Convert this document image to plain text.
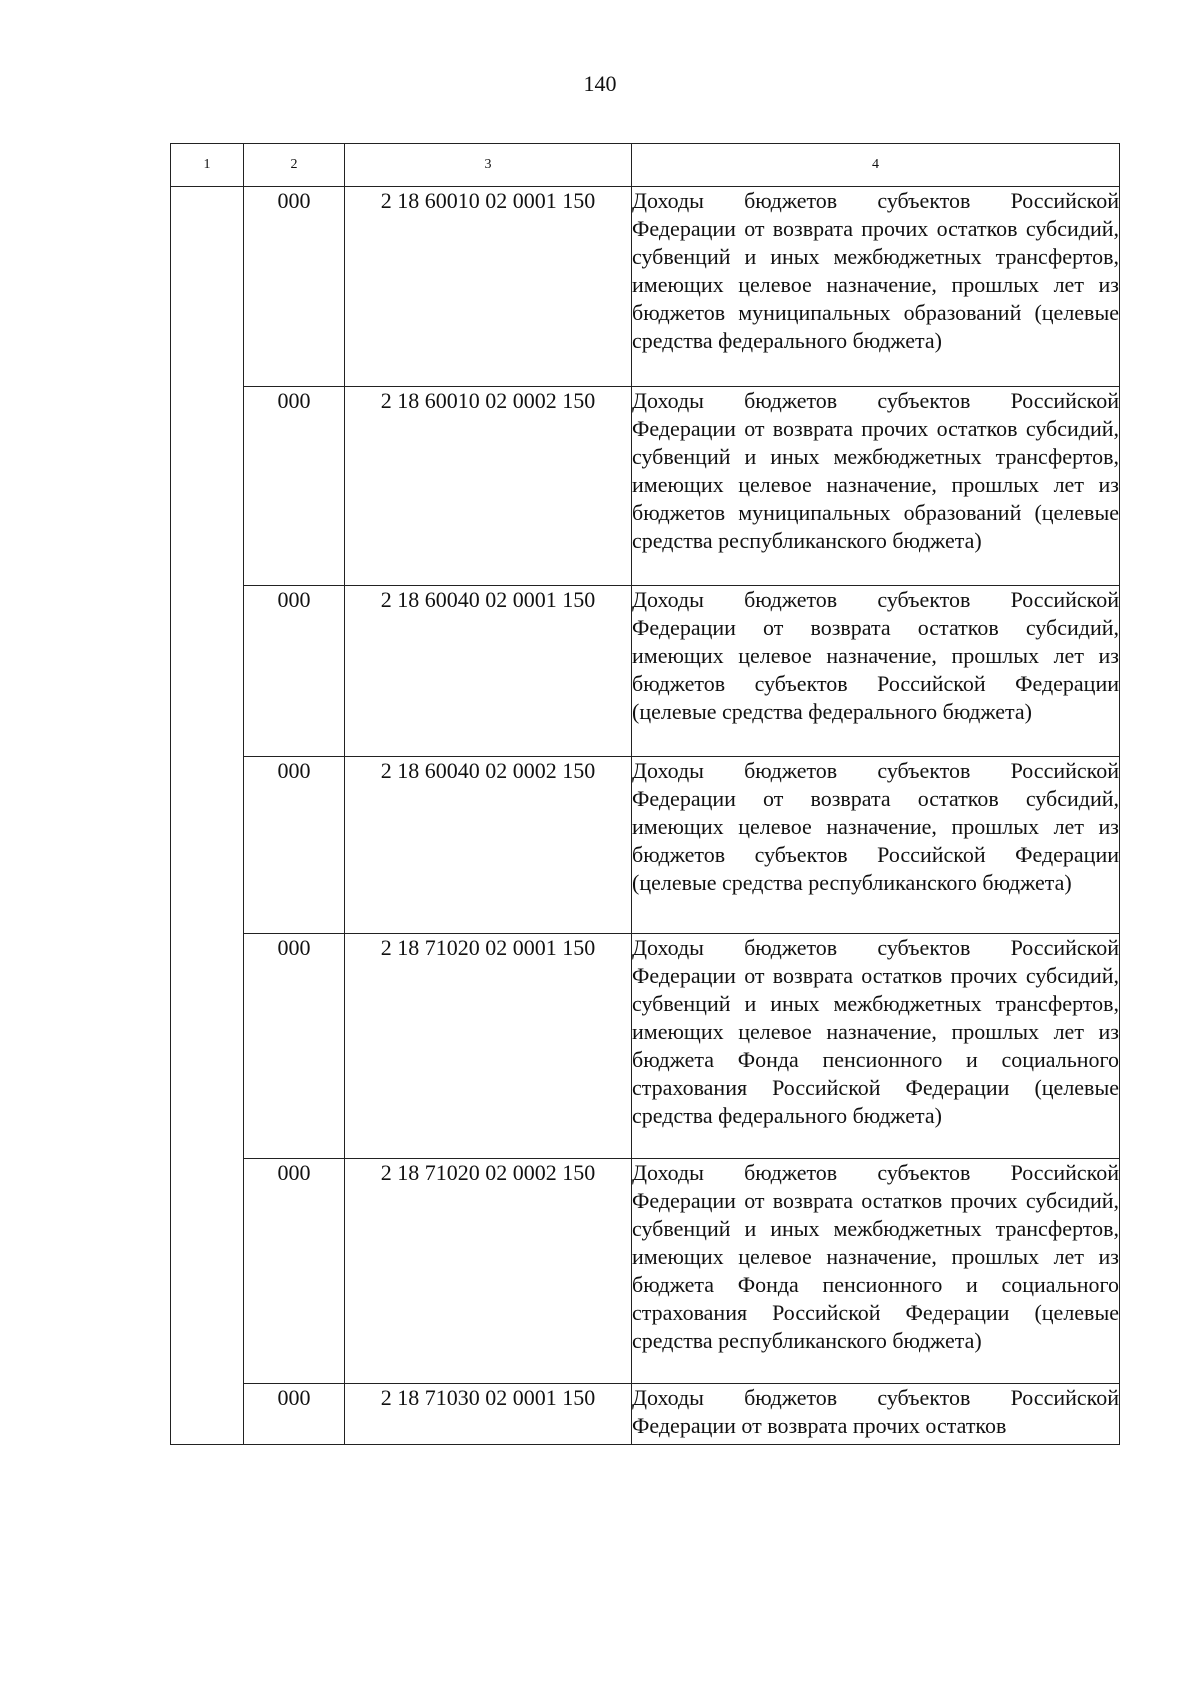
140
1	2	3	4
	000	2 18 60010 02 0001 150	Доходы бюджетов субъектов Российской Федерации от возврата прочих остатков субсидий, субвенций и иных межбюджетных трансфертов, имеющих целевое назначение, прошлых лет из бюджетов муниципальных образований (целевые средства федерального бюджета)
	000	2 18 60010 02 0002 150	Доходы бюджетов субъектов Российской Федерации от возврата прочих остатков субсидий, субвенций и иных межбюджетных трансфертов, имеющих целевое назначение, прошлых лет из бюджетов муниципальных образований (целевые средства республиканского бюджета)
	000	2 18 60040 02 0001 150	Доходы бюджетов субъектов Российской Федерации от возврата остатков субсидий, имеющих целевое назначение, прошлых лет из бюджетов субъектов Российской Федерации (целевые средства федерального бюджета)
	000	2 18 60040 02 0002 150	Доходы бюджетов субъектов Российской Федерации от возврата остатков субсидий, имеющих целевое назначение, прошлых лет из бюджетов субъектов Российской Федерации (целевые средства республиканского бюджета)
	000	2 18 71020 02 0001 150	Доходы бюджетов субъектов Российской Федерации от возврата остатков прочих субсидий, субвенций и иных межбюджетных трансфертов, имеющих целевое назначение, прошлых лет из бюджета Фонда пенсионного и социального страхования Российской Федерации (целевые средства федерального бюджета)
	000	2 18 71020 02 0002 150	Доходы бюджетов субъектов Российской Федерации от возврата остатков прочих субсидий, субвенций и иных межбюджетных трансфертов, имеющих целевое назначение, прошлых лет из бюджета Фонда пенсионного и социального страхования Российской Федерации (целевые средства республиканского бюджета)
	000	2 18 71030 02 0001 150	Доходы бюджетов субъектов Российской Федерации от возврата прочих остатков
